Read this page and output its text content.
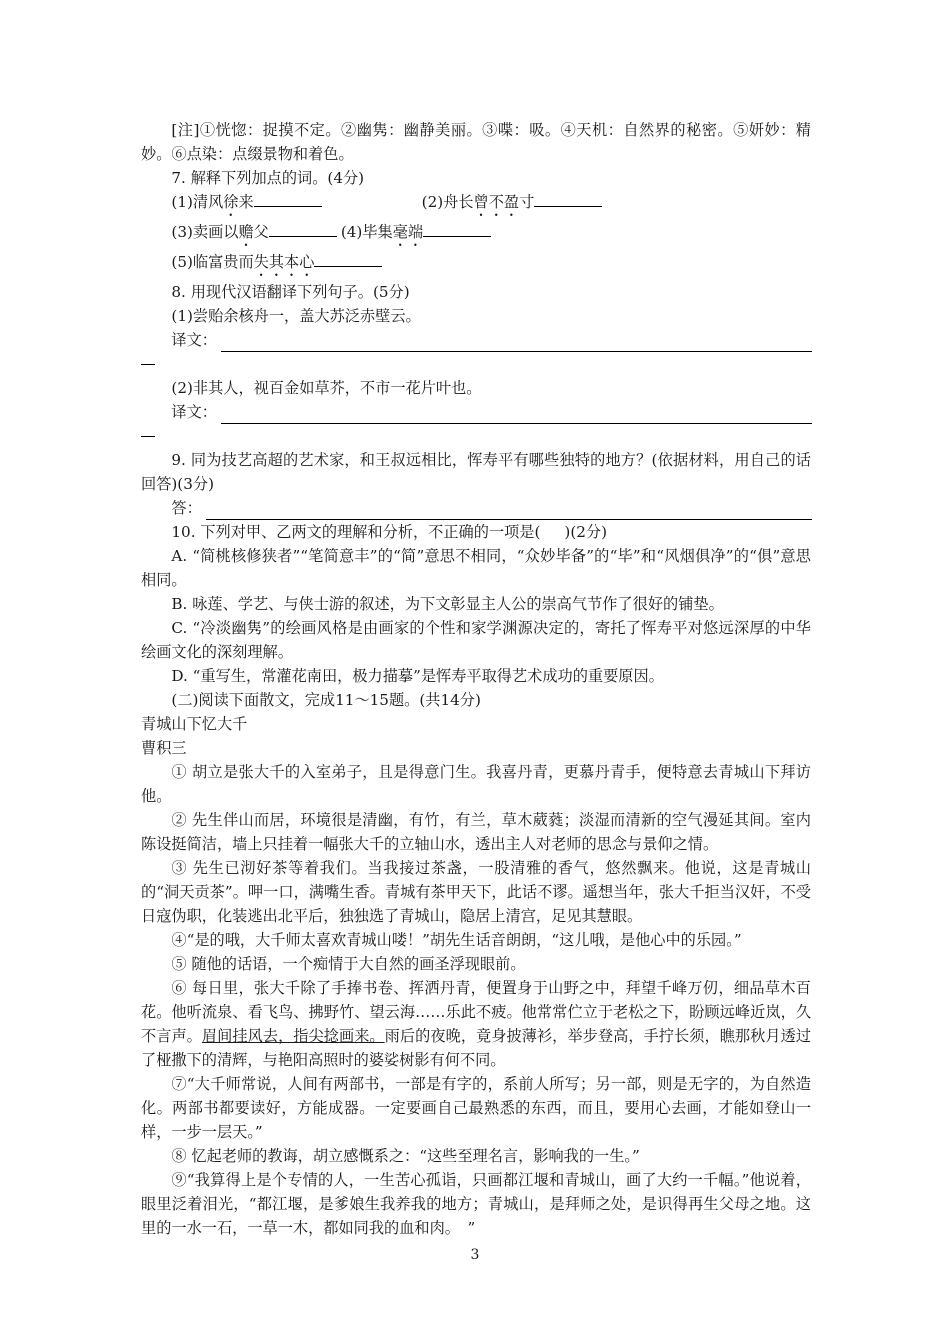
[注]①恍惚：捉摸不定。②幽隽：幽静美丽。③喋：吸。④天机：自然界的秘密。⑤妍妙：精妙。⑥点染：点缀景物和着色。

7. 解释下列加点的词。(4分)

(1)清风徐来	(2)舟长曾不盈寸

(3)卖画以赡父	(4)毕集毫端

(5)临富贵而失其本心

8. 用现代汉语翻译下列句子。(5分)

(1)尝贻余核舟一，盖大苏泛赤壁云。

译文：

(2)非其人，视百金如草芥，不市一花片叶也。

译文：

9. 同为技艺高超的艺术家，和王叔远相比，恽寿平有哪些独特的地方？(依据材料，用自己的话回答)(3分)

答：

10. 下列对甲、乙两文的理解和分析，不正确的一项是( )(2分)

A. “简桃核修狭者”“笔简意丰”的“简”意思不相同，“众妙毕备”的“毕”和“风烟俱净”的“俱”意思相同。

B. 咏莲、学艺、与侠士游的叙述，为下文彰显主人公的崇高气节作了很好的铺垫。

C. “冷淡幽隽”的绘画风格是由画家的个性和家学渊源决定的，寄托了恽寿平对悠远深厚的中华绘画文化的深刻理解。

D. “重写生，常灌花南田，极力描摹”是恽寿平取得艺术成功的重要原因。

(二)阅读下面散文，完成11～15题。(共14分)

青城山下忆大千

曹积三

① 胡立是张大千的入室弟子，且是得意门生。我喜丹青，更慕丹青手，便特意去青城山下拜访他。

② 先生伴山而居，环境很是清幽，有竹，有兰，草木葳蕤；淡湿而清新的空气漫延其间。室内陈设挺简洁，墙上只挂着一幅张大千的立轴山水，透出主人对老师的思念与景仰之情。

③ 先生已沏好茶等着我们。当我接过茶盏，一股清雅的香气，悠然飘来。他说，这是青城山的“洞天贡茶”。呷一口，满嘴生香。青城有茶甲天下，此话不谬。遥想当年，张大千拒当汉奸，不受日寇伪职，化装逃出北平后，独独选了青城山，隐居上清宫，足见其慧眼。

④“是的哦，大千师太喜欢青城山喽！”胡先生话音朗朗，“这儿哦，是他心中的乐园。”

⑤ 随他的话语，一个痴情于大自然的画圣浮现眼前。

⑥ 每日里，张大千除了手捧书卷、挥洒丹青，便置身于山野之中，拜望千峰万仞，细品草木百花。他听流泉、看飞鸟、拂野竹、望云海……乐此不疲。他常常伫立于老松之下，盼顾远峰近岚，久不言声。眉间挂风去，指尖捻画来。雨后的夜晚，竟身披薄衫，举步登高，手拧长须，瞧那秋月透过了桠撒下的清辉，与艳阳高照时的婆娑树影有何不同。

⑦“大千师常说，人间有两部书，一部是有字的，系前人所写；另一部，则是无字的，为自然造化。两部书都要读好，方能成器。一定要画自己最熟悉的东西，而且，要用心去画，才能如登山一样，一步一层天。”

⑧ 忆起老师的教诲，胡立感慨系之：“这些至理名言，影响我的一生。”

⑨“我算得上是个专情的人，一生苦心孤诣，只画都江堰和青城山，画了大约一千幅。”他说着，眼里泛着泪光，“都江堰，是爹娘生我养我的地方；青城山，是拜师之处，是识得再生父母之地。这里的一水一石，一草一木，都如同我的血和肉。　”

3
